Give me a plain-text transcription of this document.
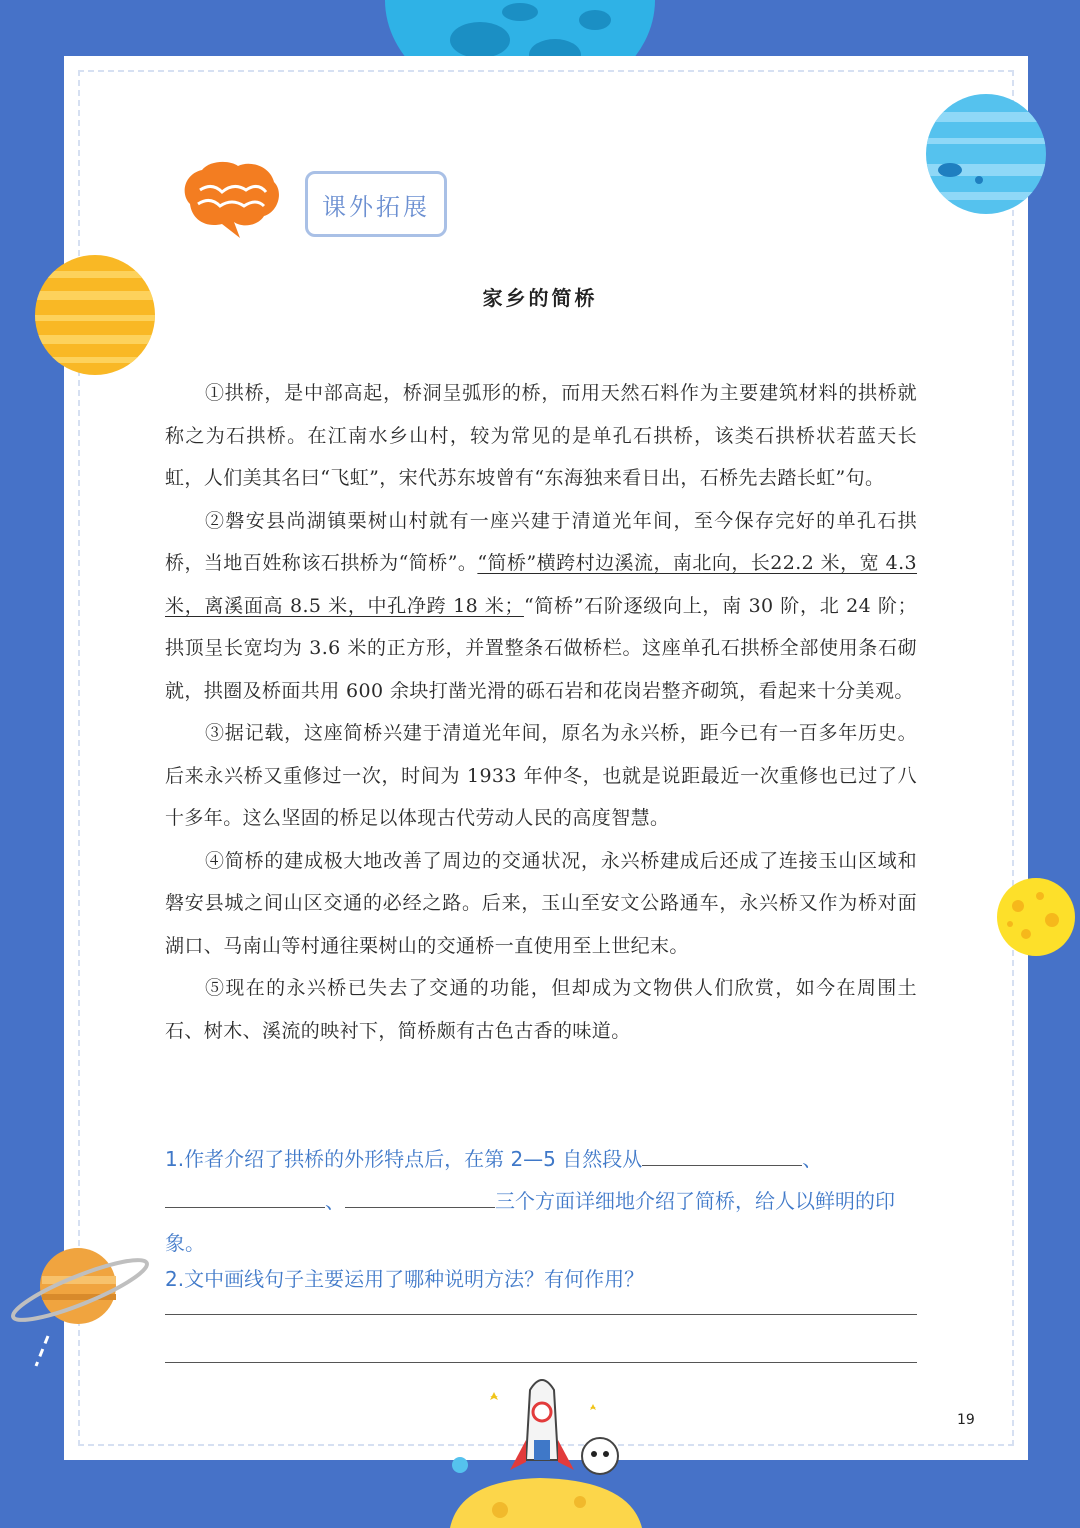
课外拓展
家乡的简桥

①拱桥，是中部高起，桥洞呈弧形的桥，而用天然石料作为主要建筑材料的拱桥就称之为石拱桥。在江南水乡山村，较为常见的是单孔石拱桥，该类石拱桥状若蓝天长虹，人们美其名曰“飞虹”，宋代苏东坡曾有“东海独来看日出，石桥先去踏长虹”句。

②磐安县尚湖镇栗树山村就有一座兴建于清道光年间，至今保存完好的单孔石拱桥，当地百姓称该石拱桥为“简桥”。“简桥”横跨村边溪流，南北向，长22.2 米，宽 4.3 米，离溪面高 8.5 米，中孔净跨 18 米；“简桥”石阶逐级向上，南 30 阶，北 24 阶；拱顶呈长宽均为 3.6 米的正方形，并置整条石做桥栏。这座单孔石拱桥全部使用条石砌就，拱圈及桥面共用 600 余块打凿光滑的砾石岩和花岗岩整齐砌筑，看起来十分美观。

③据记载，这座简桥兴建于清道光年间，原名为永兴桥，距今已有一百多年历史。后来永兴桥又重修过一次，时间为 1933 年仲冬，也就是说距最近一次重修也已过了八十多年。这么坚固的桥足以体现古代劳动人民的高度智慧。

④简桥的建成极大地改善了周边的交通状况，永兴桥建成后还成了连接玉山区域和磐安县城之间山区交通的必经之路。后来，玉山至安文公路通车，永兴桥又作为桥对面湖口、马南山等村通往栗树山的交通桥一直使用至上世纪末。

⑤现在的永兴桥已失去了交通的功能，但却成为文物供人们欣赏，如今在周围土石、树木、溪流的映衬下，简桥颇有古色古香的味道。

1.作者介绍了拱桥的外形特点后，在第 2—5 自然段从	、、	三个方面详细地介绍了简桥，给人以鲜明的印象。
2.文中画线句子主要运用了哪种说明方法？有何作用？
19
